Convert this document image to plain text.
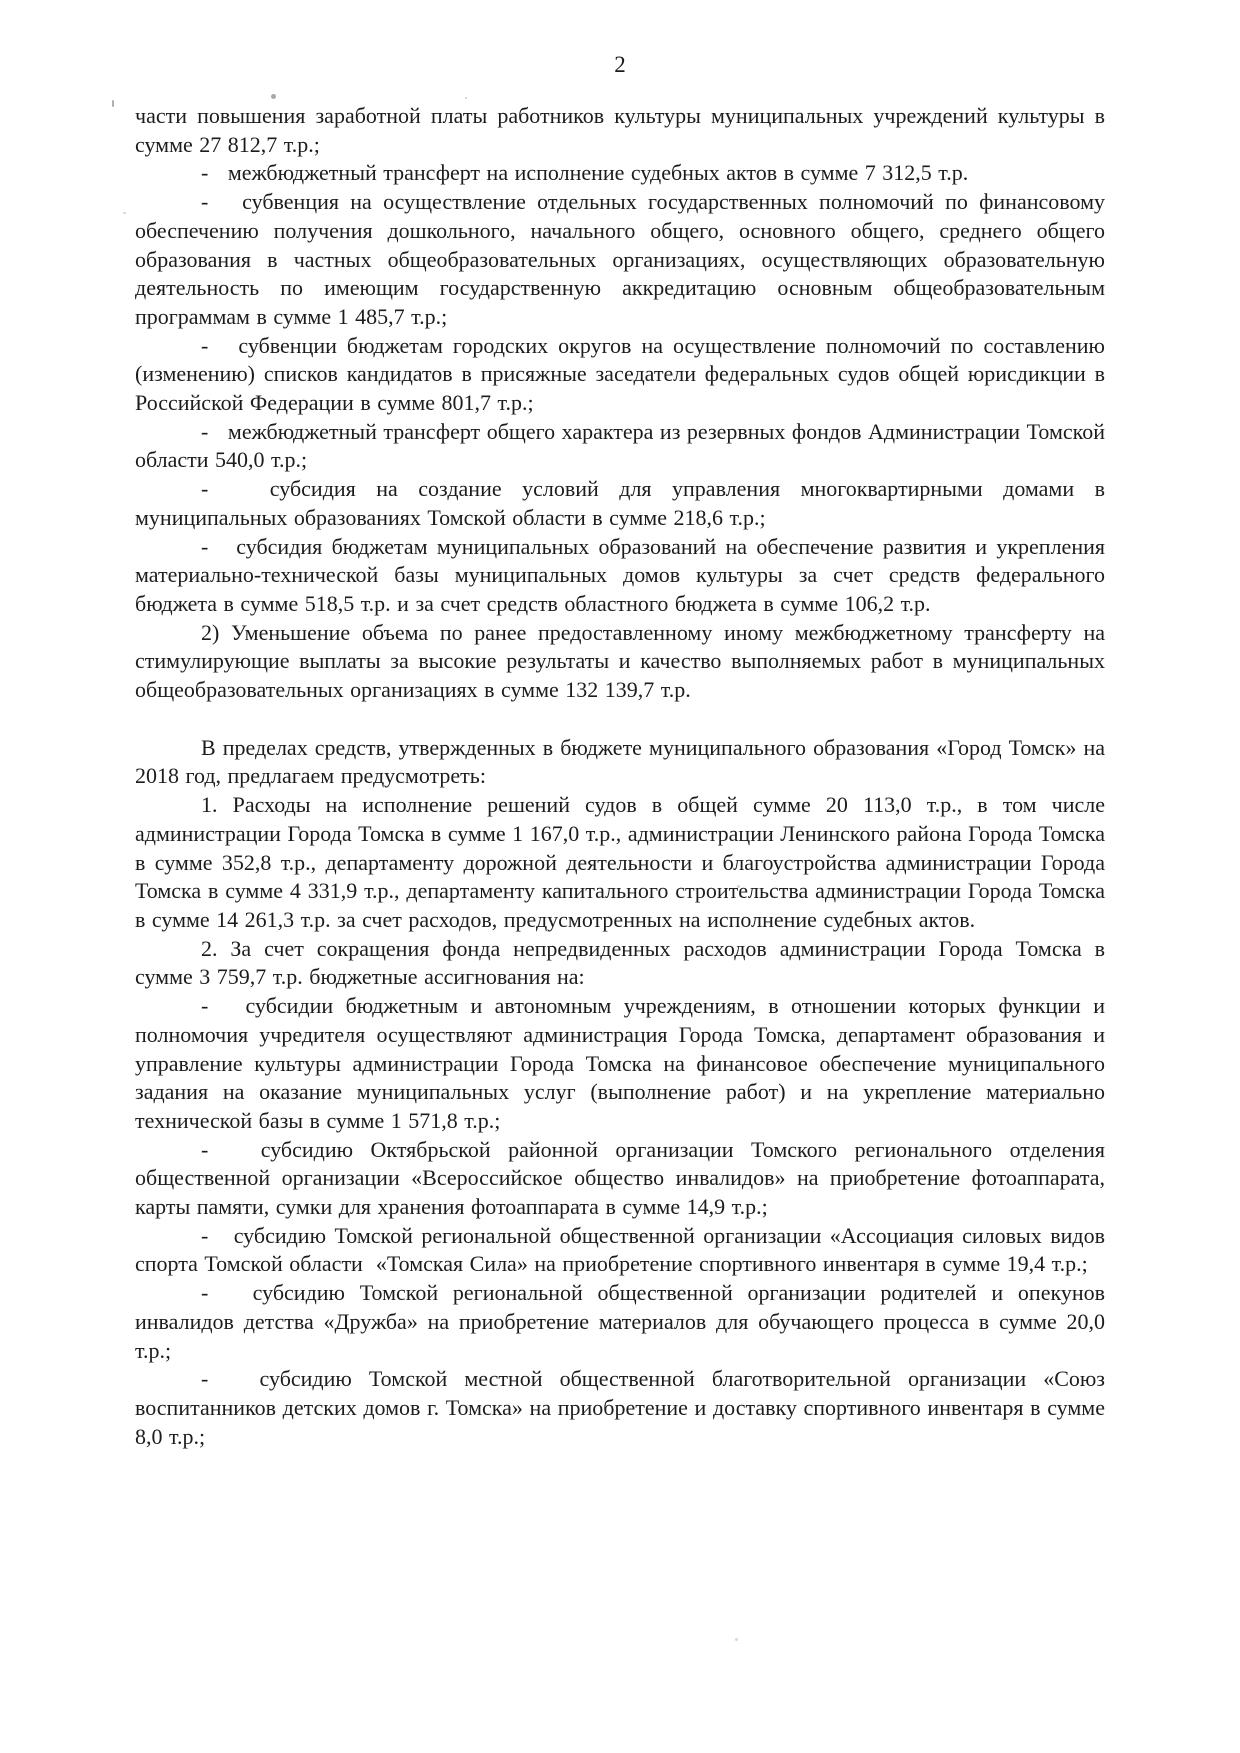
2

части повышения заработной платы работников культуры муниципальных учреждений культуры в сумме 27 812,7 т.р.;

-   межбюджетный трансферт на исполнение судебных актов в сумме 7 312,5 т.р.

-   субвенция на осуществление отдельных государственных полномочий по финансовому обеспечению получения дошкольного, начального общего, основного общего, среднего общего образования в частных общеобразовательных организациях, осуществляющих образовательную деятельность по имеющим государственную аккредитацию основным общеобразовательным программам в сумме 1 485,7 т.р.;

-   субвенции бюджетам городских округов на осуществление полномочий по составлению (изменению) списков кандидатов в присяжные заседатели федеральных судов общей юрисдикции в Российской Федерации в сумме 801,7 т.р.;

-   межбюджетный трансферт общего характера из резервных фондов Администрации Томской области 540,0 т.р.;

-   субсидия на создание условий для управления многоквартирными домами в муниципальных образованиях Томской области в сумме 218,6 т.р.;

-   субсидия бюджетам муниципальных образований на обеспечение развития и укрепления материально-технической базы муниципальных домов культуры за счет средств федерального бюджета в сумме 518,5 т.р. и за счет средств областного бюджета в сумме 106,2 т.р.

2) Уменьшение объема по ранее предоставленному иному межбюджетному трансферту на стимулирующие выплаты за высокие результаты и качество выполняемых работ в муниципальных общеобразовательных организациях в сумме 132 139,7 т.р.

В пределах средств, утвержденных в бюджете муниципального образования «Город Томск» на 2018 год, предлагаем предусмотреть:

1. Расходы на исполнение решений судов в общей сумме 20 113,0 т.р., в том числе администрации Города Томска в сумме 1 167,0 т.р., администрации Ленинского района Города Томска в сумме 352,8 т.р., департаменту дорожной деятельности и благоустройства администрации Города Томска в сумме 4 331,9 т.р., департаменту капитального строительства администрации Города Томска в сумме 14 261,3 т.р. за счет расходов, предусмотренных на исполнение судебных актов.

2. За счет сокращения фонда непредвиденных расходов администрации Города Томска в сумме 3 759,7 т.р. бюджетные ассигнования на:

-   субсидии бюджетным и автономным учреждениям, в отношении которых функции и полномочия учредителя осуществляют администрация Города Томска, департамент образования и управление культуры администрации Города Томска на финансовое обеспечение муниципального задания на оказание муниципальных услуг (выполнение работ) и на укрепление материально технической базы в сумме 1 571,8 т.р.;

-   субсидию Октябрьской районной организации Томского регионального отделения общественной организации «Всероссийское общество инвалидов» на приобретение фотоаппарата, карты памяти, сумки для хранения фотоаппарата в сумме 14,9 т.р.;

-   субсидию Томской региональной общественной организации «Ассоциация силовых видов спорта Томской области  «Томская Сила» на приобретение спортивного инвентаря в сумме 19,4 т.р.;

-   субсидию Томской региональной общественной организации родителей и опекунов инвалидов детства «Дружба» на приобретение материалов для обучающего процесса в сумме 20,0 т.р.;

-   субсидию Томской местной общественной благотворительной организации «Союз воспитанников детских домов г. Томска» на приобретение и доставку спортивного инвентаря в сумме 8,0 т.р.;
